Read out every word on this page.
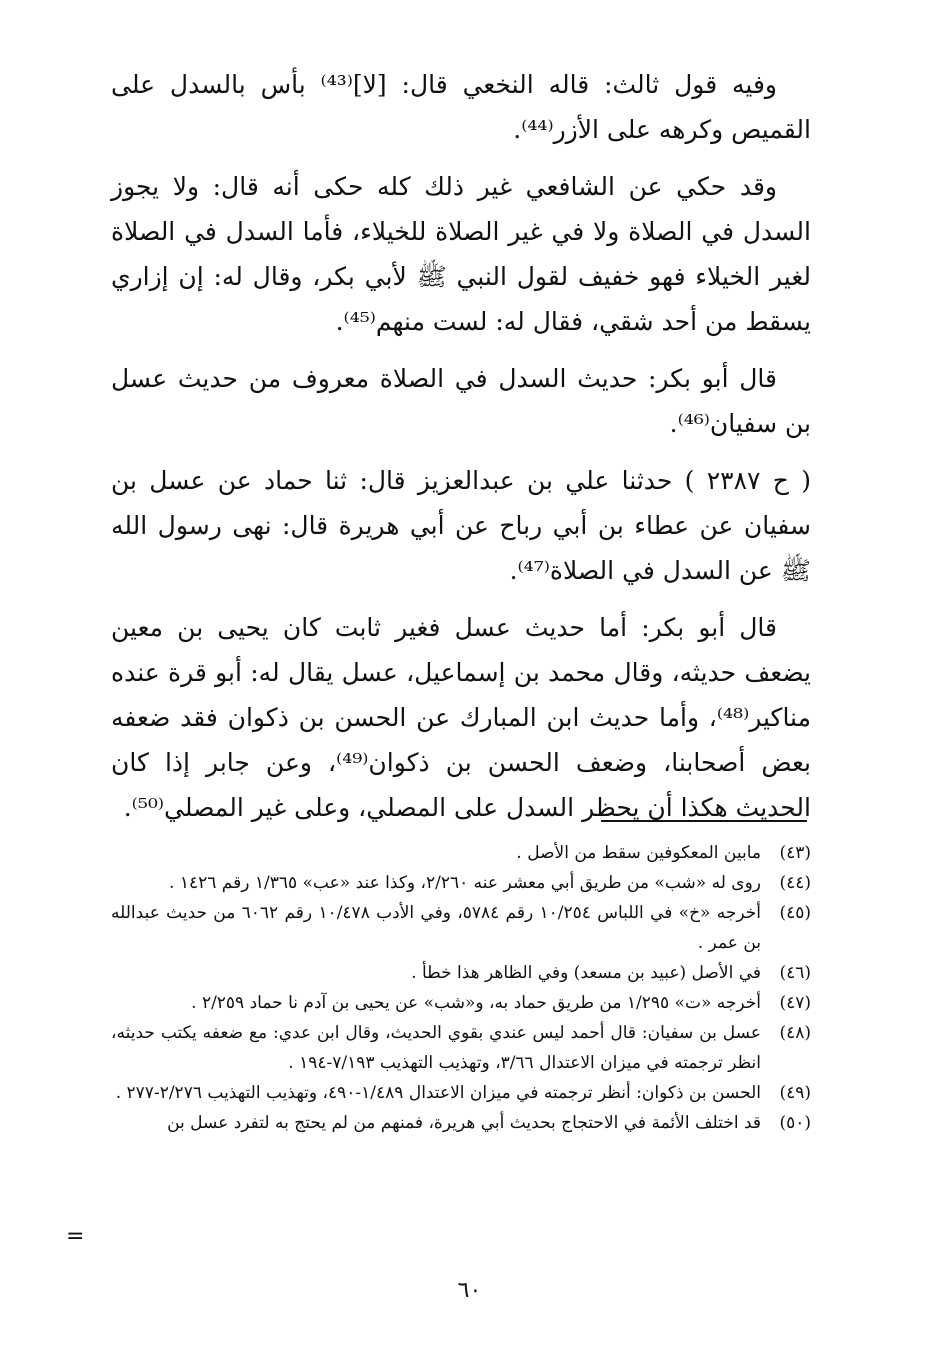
وفيه قول ثالث: قاله النخعي قال: [لا]⁽⁴³⁾ بأس بالسدل على القميص وكرهه على الأزر⁽⁴⁴⁾.

وقد حكي عن الشافعي غير ذلك كله حكى أنه قال: ولا يجوز السدل في الصلاة ولا في غير الصلاة للخيلاء، فأما السدل في الصلاة لغير الخيلاء فهو خفيف لقول النبي ﷺ لأبي بكر، وقال له: إن إزاري يسقط من أحد شقي، فقال له: لست منهم⁽⁴⁵⁾.

قال أبو بكر: حديث السدل في الصلاة معروف من حديث عسل بن سفيان⁽⁴⁶⁾.

( ح ٢٣٨٧ ) حدثنا علي بن عبدالعزيز قال: ثنا حماد عن عسل بن سفيان عن عطاء بن أبي رباح عن أبي هريرة قال: نهى رسول الله ﷺ عن السدل في الصلاة⁽⁴⁷⁾.

قال أبو بكر: أما حديث عسل فغير ثابت كان يحيى بن معين يضعف حديثه، وقال محمد بن إسماعيل، عسل يقال له: أبو قرة عنده مناكير⁽⁴⁸⁾، وأما حديث ابن المبارك عن الحسن بن ذكوان فقد ضعفه بعض أصحابنا، وضعف الحسن بن ذكوان⁽⁴⁹⁾، وعن جابر إذا كان الحديث هكذا أن يحظر السدل على المصلي، وعلى غير المصلي⁽⁵⁰⁾.

(٤٣)
مابين المعكوفين سقط من الأصل .
(٤٤)
روى له «شب» من طريق أبي معشر عنه ٢/٢٦٠، وكذا عند «عب» ١/٣٦٥ رقم ١٤٢٦ .
(٤٥)
أخرجه «خ» في اللباس ١٠/٢٥٤ رقم ٥٧٨٤، وفي الأدب ١٠/٤٧٨ رقم ٦٠٦٢ من حديث عبدالله بن عمر .
(٤٦)
في الأصل (عبيد بن مسعد) وفي الظاهر هذا خطأ .
(٤٧)
أخرجه «ت» ١/٢٩٥ من طريق حماد به، و«شب» عن يحيى بن آدم نا حماد ٢/٢٥٩ .
(٤٨)
عسل بن سفيان: قال أحمد ليس عندي بقوي الحديث، وقال ابن عدي: مع ضعفه يكتب حديثه، انظر ترجمته في ميزان الاعتدال ٣/٦٦، وتهذيب التهذيب ٧/١٩٣-١٩٤ .
(٤٩)
الحسن بن ذكوان: أنظر ترجمته في ميزان الاعتدال ١/٤٨٩-٤٩٠، وتهذيب التهذيب ٢/٢٧٦-٢٧٧ .
(٥٠)
قد اختلف الأئمة في الاحتجاج بحديث أبي هريرة، فمنهم من لم يحتج به لتفرد عسل بن
=
٦٠
